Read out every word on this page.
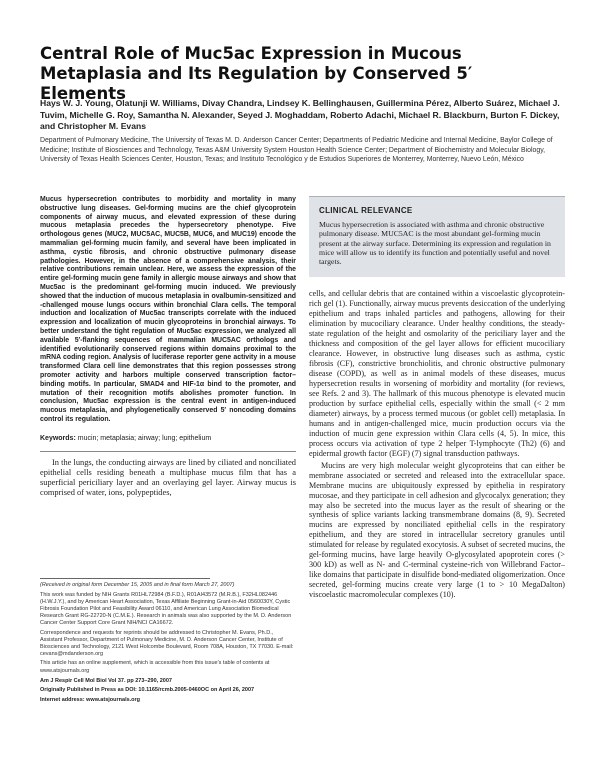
Central Role of Muc5ac Expression in Mucous Metaplasia and Its Regulation by Conserved 5′ Elements
Hays W. J. Young, Olatunji W. Williams, Divay Chandra, Lindsey K. Bellinghausen, Guillermina Pérez, Alberto Suárez, Michael J. Tuvim, Michelle G. Roy, Samantha N. Alexander, Seyed J. Moghaddam, Roberto Adachi, Michael R. Blackburn, Burton F. Dickey, and Christopher M. Evans
Department of Pulmonary Medicine, The University of Texas M. D. Anderson Cancer Center; Departments of Pediatric Medicine and Internal Medicine, Baylor College of Medicine; Institute of Biosciences and Technology, Texas A&M University System Houston Health Science Center; Department of Biochemistry and Molecular Biology, University of Texas Health Sciences Center, Houston, Texas; and Instituto Tecnológico y de Estudios Superiores de Monterrey, Monterrey, Nuevo León, México

Mucus hypersecretion contributes to morbidity and mortality in many obstructive lung diseases. Gel-forming mucins are the chief glycoprotein components of airway mucus, and elevated expression of these during mucous metaplasia precedes the hypersecretory phenotype. Five orthologous genes (MUC2, MUC5AC, MUC5B, MUC6, and MUC19) encode the mammalian gel-forming mucin family, and several have been implicated in asthma, cystic fibrosis, and chronic obstructive pulmonary disease pathologies. However, in the absence of a comprehensive analysis, their relative contributions remain unclear. Here, we assess the expression of the entire gel-forming mucin gene family in allergic mouse airways and show that Muc5ac is the predominant gel-forming mucin induced. We previously showed that the induction of mucous metaplasia in ovalbumin-sensitized and -challenged mouse lungs occurs within bronchial Clara cells. The temporal induction and localization of Muc5ac transcripts correlate with the induced expression and localization of mucin glycoproteins in bronchial airways. To better understand the tight regulation of Muc5ac expression, we analyzed all available 5′-flanking sequences of mammalian MUC5AC orthologs and identified evolutionarily conserved regions within domains proximal to the mRNA coding region. Analysis of luciferase reporter gene activity in a mouse transformed Clara cell line demonstrates that this region possesses strong promoter activity and harbors multiple conserved transcription factor–binding motifs. In particular, SMAD4 and HIF-1α bind to the promoter, and mutation of their recognition motifs abolishes promoter function. In conclusion, Muc5ac expression is the central event in antigen-induced mucous metaplasia, and phylogenetically conserved 5′ noncoding domains control its regulation.

Keywords: mucin; metaplasia; airway; lung; epithelium

In the lungs, the conducting airways are lined by ciliated and nonciliated epithelial cells residing beneath a multiphase mucus film that has a superficial periciliary layer and an overlaying gel layer. Airway mucus is comprised of water, ions, polypeptides,

(Received in original form December 15, 2005 and in final form March 27, 2007)

This work was funded by NIH Grants R01HL72984 (B.F.D.), R01AI43572 (M.R.B.), F32HL082446 (H.W.J.Y.), and by American Heart Association, Texas Affiliate Beginning Grant-in-Aid 0560030Y, Cystic Fibrosis Foundation Pilot and Feasibility Award 06110, and American Lung Association Biomedical Research Grant RG-22720-N (C.M.E.). Research in animals was also supported by the M. D. Anderson Cancer Center Support Core Grant NIH/NCI CA16672.

Correspondence and requests for reprints should be addressed to Christopher M. Evans, Ph.D., Assistant Professor, Department of Pulmonary Medicine, M. D. Anderson Cancer Center, Institute of Biosciences and Technology, 2121 West Holcombe Boulevard, Room 708A, Houston, TX 77030. E-mail: cevans@mdanderson.org

This article has an online supplement, which is accessible from this issue's table of contents at www.atsjournals.org

Am J Respir Cell Mol Biol Vol 37. pp 273–290, 2007

Originally Published in Press as DOI: 10.1165/rcmb.2005-0460OC on April 26, 2007

Internet address: www.atsjournals.org

CLINICAL RELEVANCE

Mucus hypersecretion is associated with asthma and chronic obstructive pulmonary disease. MUC5AC is the most abundant gel-forming mucin present at the airway surface. Determining its expression and regulation in mice will allow us to identify its function and potentially useful and novel targets.

cells, and cellular debris that are contained within a viscoelastic glycoprotein-rich gel (1). Functionally, airway mucus prevents desiccation of the underlying epithelium and traps inhaled particles and pathogens, allowing for their elimination by mucociliary clearance. Under healthy conditions, the steady-state regulation of the height and osmolarity of the periciliary layer and the thickness and composition of the gel layer allows for efficient mucociliary clearance. However, in obstructive lung diseases such as asthma, cystic fibrosis (CF), constrictive bronchiolitis, and chronic obstructive pulmonary disease (COPD), as well as in animal models of these diseases, mucus hypersecretion results in worsening of morbidity and mortality (for reviews, see Refs. 2 and 3). The hallmark of this mucous phenotype is elevated mucin production by surface epithelial cells, especially within the small (< 2 mm diameter) airways, by a process termed mucous (or goblet cell) metaplasia. In humans and in antigen-challenged mice, mucin production occurs via the induction of mucin gene expression within Clara cells (4, 5). In mice, this process occurs via activation of type 2 helper T-lymphocyte (Th2) (6) and epidermal growth factor (EGF) (7) signal transduction pathways.

Mucins are very high molecular weight glycoproteins that can either be membrane associated or secreted and released into the extracellular space. Membrane mucins are ubiquitously expressed by epithelia in respiratory mucosae, and they participate in cell adhesion and glycocalyx generation; they may also be secreted into the mucus layer as the result of shearing or the synthesis of splice variants lacking transmembrane domains (8, 9). Secreted mucins are expressed by nonciliated epithelial cells in the respiratory epithelium, and they are stored in intracellular secretory granules until stimulated for release by regulated exocytosis. A subset of secreted mucins, the gel-forming mucins, have large heavily O-glycosylated apoprotein cores (> 300 kD) as well as N- and C-terminal cysteine-rich von Willebrand Factor–like domains that participate in disulfide bond-mediated oligomerization. Once secreted, gel-forming mucins create very large (1 to > 10 MegaDalton) viscoelastic macromolecular complexes (10).
